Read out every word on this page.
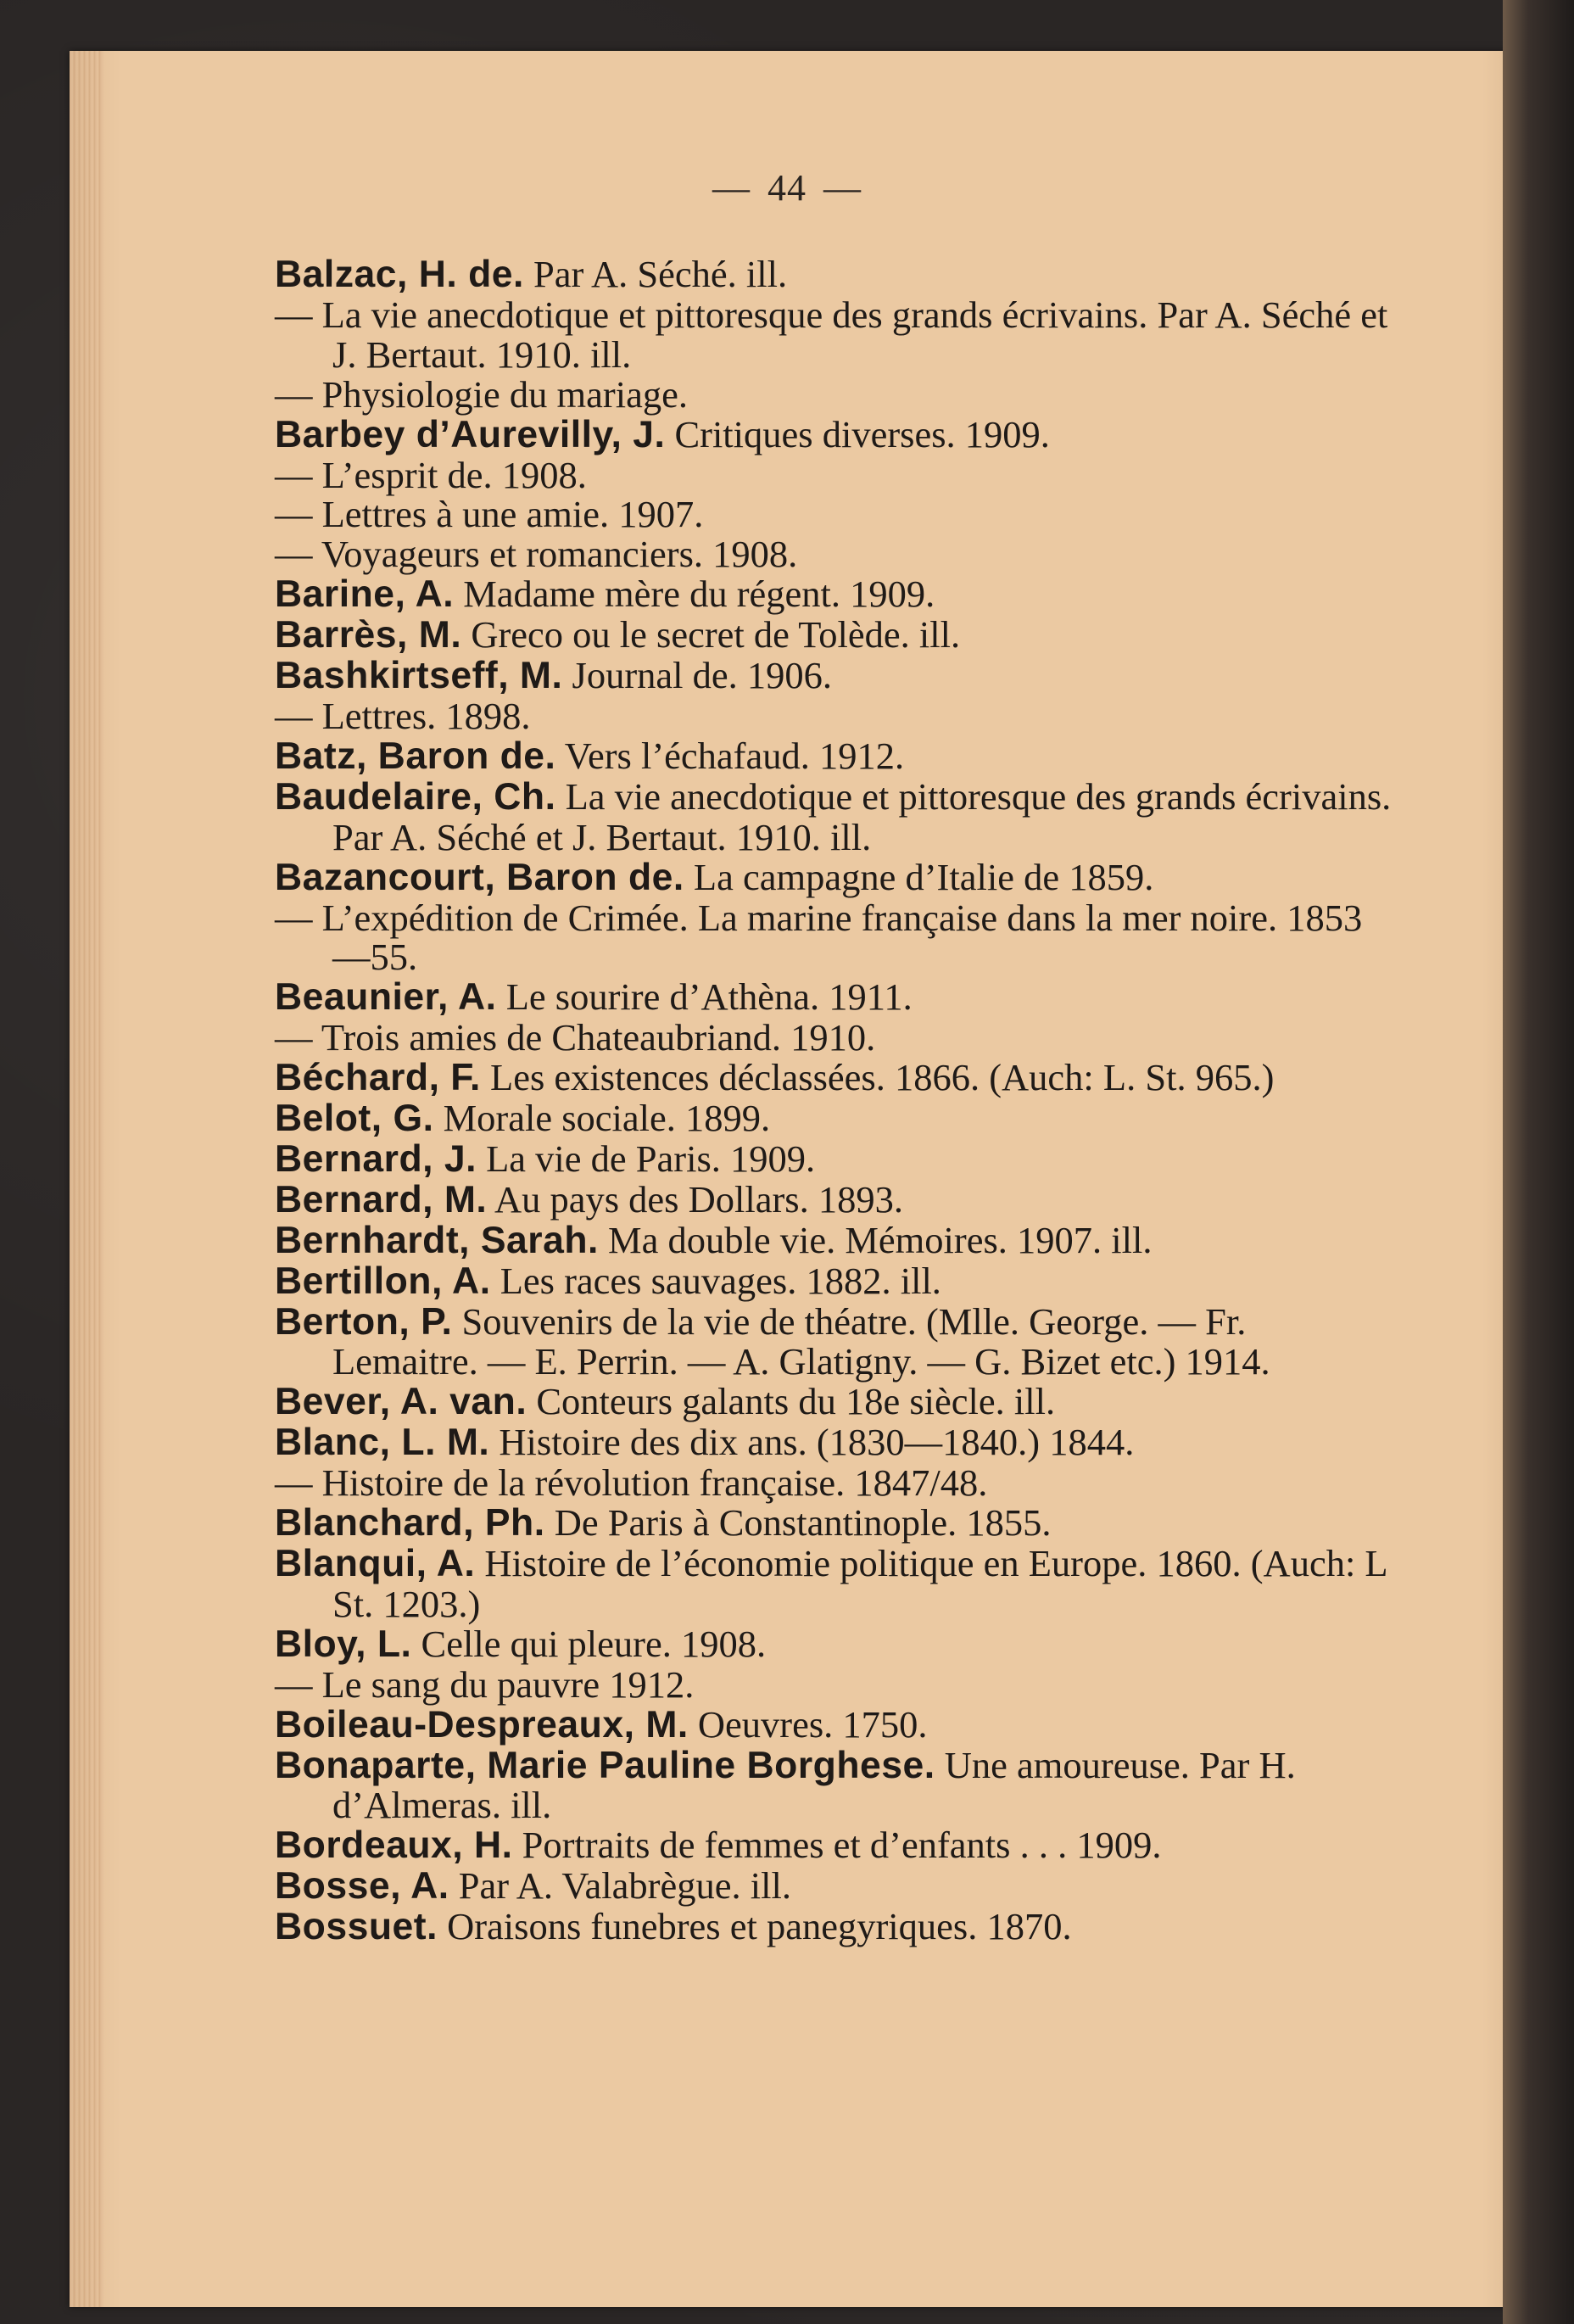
— 44 —

Balzac, H. de. Par A. Séché. ill.

— La vie anecdotique et pittoresque des grands écrivains. Par A. Séché et J. Bertaut. 1910. ill.

— Physiologie du mariage.

Barbey d’Aurevilly, J. Critiques diverses. 1909.

— L’esprit de. 1908.

— Lettres à une amie. 1907.

— Voyageurs et romanciers. 1908.

Barine, A. Madame mère du régent. 1909.

Barrès, M. Greco ou le secret de Tolède. ill.

Bashkirtseff, M. Journal de. 1906.

— Lettres. 1898.

Batz, Baron de. Vers l’échafaud. 1912.

Baudelaire, Ch. La vie anecdotique et pittoresque des grands écrivains. Par A. Séché et J. Bertaut. 1910. ill.

Bazancourt, Baron de. La campagne d’Italie de 1859.

— L’expédition de Crimée. La marine française dans la mer noire. 1853—55.

Beaunier, A. Le sourire d’Athèna. 1911.

— Trois amies de Chateaubriand. 1910.

Béchard, F. Les existences déclassées. 1866. (Auch: L. St. 965.)

Belot, G. Morale sociale. 1899.

Bernard, J. La vie de Paris. 1909.

Bernard, M. Au pays des Dollars. 1893.

Bernhardt, Sarah. Ma double vie. Mémoires. 1907. ill.

Bertillon, A. Les races sauvages. 1882. ill.

Berton, P. Souvenirs de la vie de théatre. (Mlle. George. — Fr. Lemaitre. — E. Perrin. — A. Glatigny. — G. Bizet etc.) 1914.

Bever, A. van. Conteurs galants du 18e siècle. ill.

Blanc, L. M. Histoire des dix ans. (1830—1840.) 1844.

— Histoire de la révolution française. 1847/48.

Blanchard, Ph. De Paris à Constantinople. 1855.

Blanqui, A. Histoire de l’économie politique en Europe. 1860. (Auch: L St. 1203.)

Bloy, L. Celle qui pleure. 1908.

— Le sang du pauvre 1912.

Boileau-Despreaux, M. Oeuvres. 1750.

Bonaparte, Marie Pauline Borghese. Une amoureuse. Par H. d’Almeras. ill.

Bordeaux, H. Portraits de femmes et d’enfants . . . 1909.

Bosse, A. Par A. Valabrègue. ill.

Bossuet. Oraisons funebres et panegyriques. 1870.
